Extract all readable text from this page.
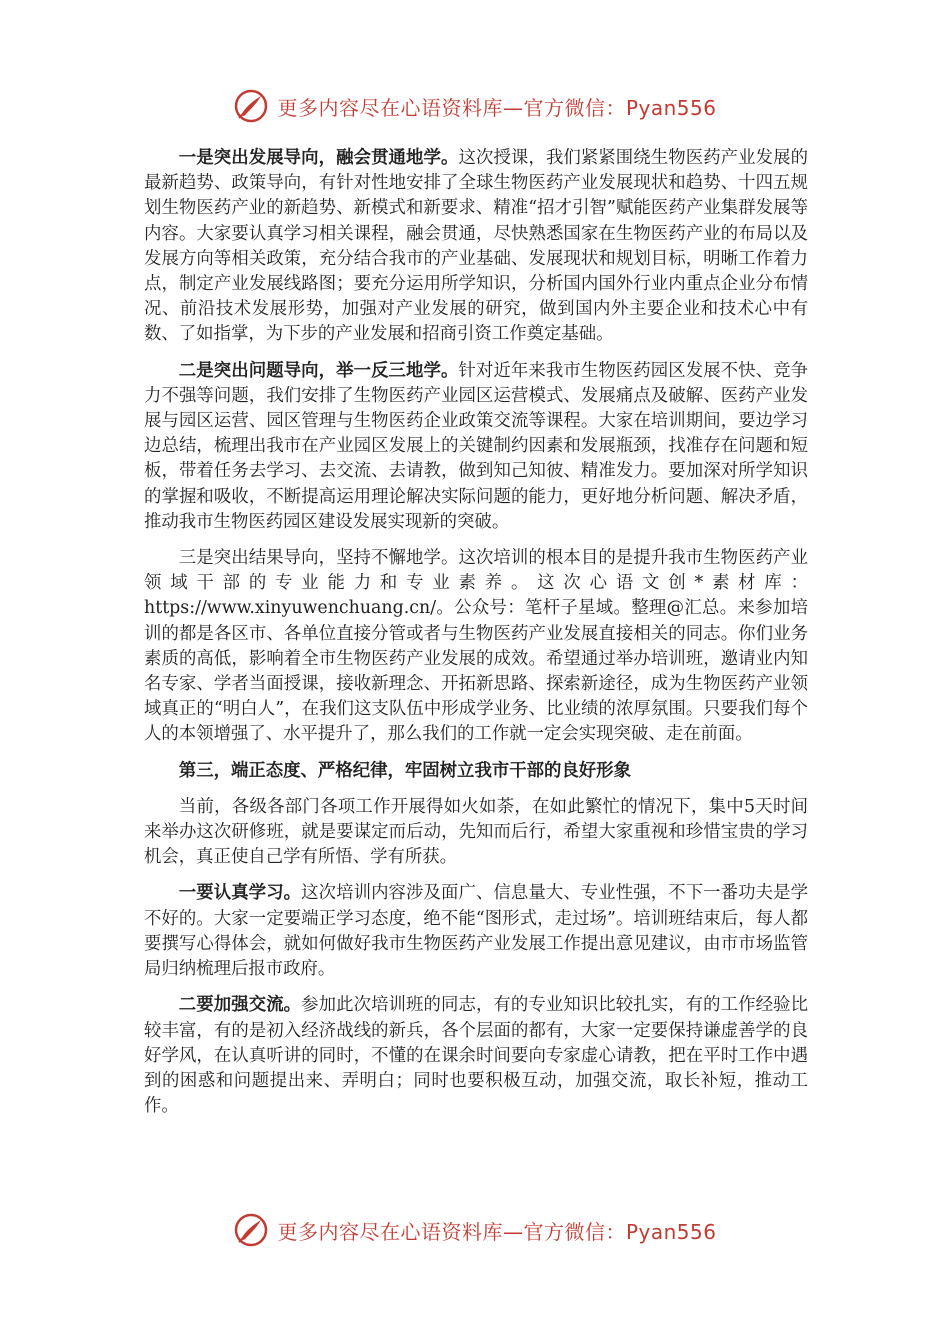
更多内容尽在心语资料库—官方微信：Pyan556

一是突出发展导向，融会贯通地学。这次授课，我们紧紧围绕生物医药产业发展的最新趋势、政策导向，有针对性地安排了全球生物医药产业发展现状和趋势、十四五规划生物医药产业的新趋势、新模式和新要求、精准“招才引智”赋能医药产业集群发展等内容。大家要认真学习相关课程，融会贯通，尽快熟悉国家在生物医药产业的布局以及发展方向等相关政策，充分结合我市的产业基础、发展现状和规划目标，明晰工作着力点，制定产业发展线路图；要充分运用所学知识，分析国内国外行业内重点企业分布情况、前沿技术发展形势，加强对产业发展的研究，做到国内外主要企业和技术心中有数、了如指掌，为下步的产业发展和招商引资工作奠定基础。

二是突出问题导向，举一反三地学。针对近年来我市生物医药园区发展不快、竞争力不强等问题，我们安排了生物医药产业园区运营模式、发展痛点及破解、医药产业发展与园区运营、园区管理与生物医药企业政策交流等课程。大家在培训期间，要边学习边总结，梳理出我市在产业园区发展上的关键制约因素和发展瓶颈，找准存在问题和短板，带着任务去学习、去交流、去请教，做到知己知彼、精准发力。要加深对所学知识的掌握和吸收，不断提高运用理论解决实际问题的能力，更好地分析问题、解决矛盾，推动我市生物医药园区建设发展实现新的突破。

三是突出结果导向，坚持不懈地学。这次培训的根本目的是提升我市生物医药产业领域干部的专业能力和专业素养。这次心语文创*素材库：https://www.xinyuwenchuang.cn/。公众号：笔杆子星域。整理@汇总。来参加培训的都是各区市、各单位直接分管或者与生物医药产业发展直接相关的同志。你们业务素质的高低，影响着全市生物医药产业发展的成效。希望通过举办培训班，邀请业内知名专家、学者当面授课，接收新理念、开拓新思路、探索新途径，成为生物医药产业领域真正的“明白人”，在我们这支队伍中形成学业务、比业绩的浓厚氛围。只要我们每个人的本领增强了、水平提升了，那么我们的工作就一定会实现突破、走在前面。

第三，端正态度、严格纪律，牢固树立我市干部的良好形象

当前，各级各部门各项工作开展得如火如荼，在如此繁忙的情况下，集中5天时间来举办这次研修班，就是要谋定而后动，先知而后行，希望大家重视和珍惜宝贵的学习机会，真正使自己学有所悟、学有所获。

一要认真学习。这次培训内容涉及面广、信息量大、专业性强，不下一番功夫是学不好的。大家一定要端正学习态度，绝不能“图形式，走过场”。培训班结束后，每人都要撰写心得体会，就如何做好我市生物医药产业发展工作提出意见建议，由市市场监管局归纳梳理后报市政府。

二要加强交流。参加此次培训班的同志，有的专业知识比较扎实，有的工作经验比较丰富，有的是初入经济战线的新兵，各个层面的都有，大家一定要保持谦虚善学的良好学风，在认真听讲的同时，不懂的在课余时间要向专家虚心请教，把在平时工作中遇到的困惑和问题提出来、弄明白；同时也要积极互动，加强交流，取长补短，推动工作。

更多内容尽在心语资料库—官方微信：Pyan556
